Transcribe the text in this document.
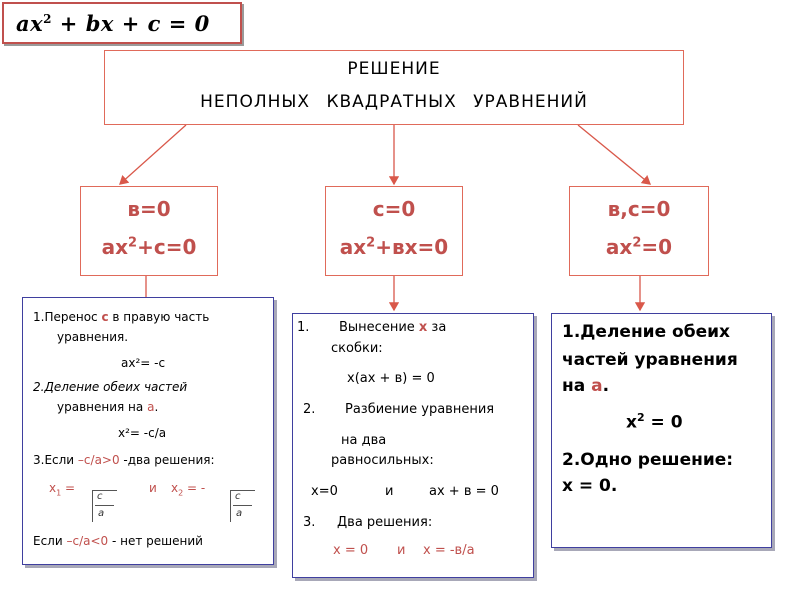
$ax^2$ + bx + c = 0
РЕШЕНИЕ
НЕПОЛНЫХ КВАДРАТНЫХ УРАВНЕНИЙ
в=0
$ах^2+с=0$
с=0
$ах^2+вх=0$
в,с=0
$ах^2=0$
1.Перенос с в правую часть
уравнения.
ах²= -с
2.Деление обеих частей
уравнения на а.
х²= -с/а
3.Если –с/а>0 -два решения:
$х_1$ =
c
a
и $х_2$ = -
c
a
Если –с/а<0 - нет решений
1. Вынесение х за
скобки:
х(ах + в) = 0
2. Разбиение уравнения
на два
равносильных:
х=0	и	ах + в = 0
3. Два решения:
х = 0 и х = -в/а
1.Деление обеих
частей уравнения
на а.
$х^2 = 0$
2.Одно решение:
х = 0.
